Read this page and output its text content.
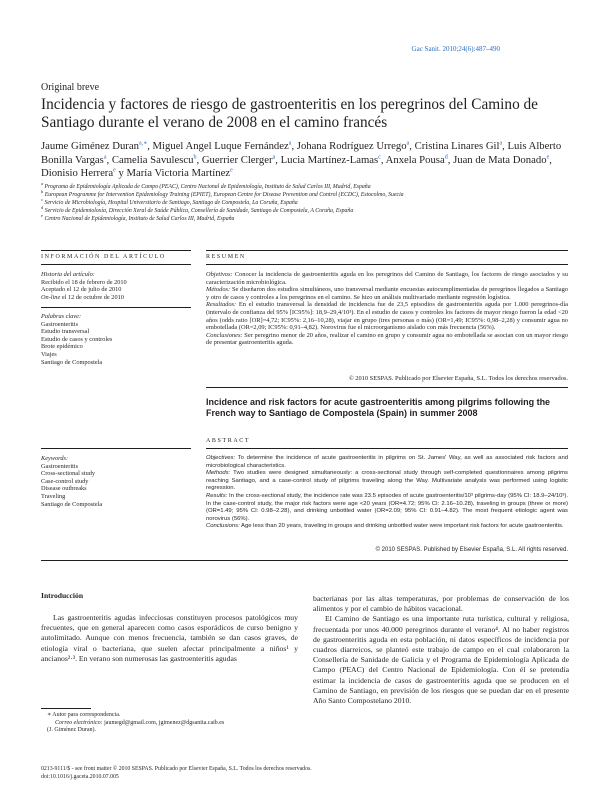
Gac Sanit. 2010;24(6):487–490
Original breve
Incidencia y factores de riesgo de gastroenteritis en los peregrinos del Camino de Santiago durante el verano de 2008 en el camino francés
Jaume Giménez Duran$^{a,∗}$, Miguel Angel Luque Fernández$^a$, Johana Rodríguez Urrego$^a$, Cristina Linares Gil$^a$, Luis Alberto Bonilla Vargas$^a$, Camelia Savulescu$^b$, Guerrier Clerger$^a$, Lucia Martínez-Lamas$^c$, Anxela Pousa$^d$, Juan de Mata Donado$^e$, Dionisio Herrera$^e$ y María Victoria Martínez$^e$
$^a$ Programa de Epidemiología Aplicada de Campo (PEAC), Centro Nacional de Epidemiología, Instituto de Salud Carlos III, Madrid, España
$^b$ European Programme for Intervention Epidemiology Training (EPIET), European Centre for Disease Prevention and Control (ECDC), Estocolmo, Suecia
$^c$ Servicio de Microbiología, Hospital Universitario de Santiago, Santiago de Compostela, La Coruña, España
$^d$ Servicio de Epidemioloxía, Dirección Xeral de Saúde Pública, Consellería de Sanidade, Santiago de Compostela, A Coruña, España
$^e$ Centro Nacional de Epidemiología, Instituto de Salud Carlos III, Madrid, España
INFORMACIÓN DEL ARTÍCULO	RESUMEN
Historia del artículo:
Recibido el 18 de febrero de 2010
Aceptado el 12 de julio de 2010
On-line el 12 de octubre de 2010
Palabras clave:
Gastroenteritis
Estudio transversal
Estudio de casos y controles
Brote epidémico
Viajes
Santiago de Compostela

Objetivos: Conocer la incidencia de gastroenteritis aguda en los peregrinos del Camino de Santiago, los factores de riesgo asociados y su caracterización microbiológica.

Métodos: Se diseñaron dos estudios simultáneos, uno transversal mediante encuestas autocumplimentadas de peregrinos llegados a Santiago y otro de casos y controles a los peregrinos en el camino. Se hizo un análisis multivariado mediante regresión logística.

Resultados: En el estudio transversal la densidad de incidencia fue de 23,5 episodios de gastroenteritis aguda por 1.000 peregrinos-día (intervalo de confianza del 95% [IC95%]: 18,9–29,4/10³). En el estudio de casos y controles los factores de mayor riesgo fueron la edad <20 años (odds ratio [OR]=4,72; IC95%: 2,16–10,28), viajar en grupo (tres personas o más) (OR=1,49; IC95%: 0,98–2,28) y consumir agua no embotellada (OR=2,09; IC95%: 0,91–4,82). Norovirus fue el microorganismo aislado con más frecuencia (56%).

Conclusiones: Ser peregrino menor de 20 años, realizar el camino en grupo y consumir agua no embotellada se asocian con un mayor riesgo de presentar gastroenteritis aguda.

© 2010 SESPAS. Publicado por Elsevier España, S.L. Todos los derechos reservados.
Incidence and risk factors for acute gastroenteritis among pilgrims following the French way to Santiago de Compostela (Spain) in summer 2008
ABSTRACT
Keywords:
Gastroenteritis
Cross-sectional study
Case-control study
Disease outbreaks
Traveling
Santiago de Compostela

Objectives: To determine the incidence of acute gastroenteritis in pilgrims on St. James' Way, as well as associated risk factors and microbiological characteristics.

Methods: Two studies were designed simultaneously: a cross-sectional study through self-completed questionnaires among pilgrims reaching Santiago, and a case-control study of pilgrims traveling along the Way. Multivariate analysis was performed using logistic regression.

Results: In the cross-sectional study, the incidence rate was 23.5 episodes of acute gastroenteritis/10³ pilgrims-day (95% CI: 18.9–24/10³). In the case-control study, the major risk factors were age <20 years (OR=4.72; 95% CI: 2.16–10.28), traveling in groups (three or more) (OR=1.49; 95% CI: 0.98–2.28), and drinking unbottled water (OR=2.09; 95% CI: 0.91–4.82). The most frequent etiologic agent was norovirus (56%).

Conclusions: Age less than 20 years, traveling in groups and drinking unbottled water were important risk factors for acute gastroenteritis.

© 2010 SESPAS. Published by Elsevier España, S.L. All rights reserved.
Introducción

Las gastroenteritis agudas infecciosas constituyen procesos patológicos muy frecuentes, que en general aparecen como casos esporádicos de curso benigno y autolimitado. Aunque con menos frecuencia, también se dan casos graves, de etiología viral o bacteriana, que suelen afectar principalmente a niños¹ y ancianos²·³. En verano son numerosas las gastroenteritis agudas

bacterianas por las altas temperaturas, por problemas de conservación de los alimentos y por el cambio de hábitos vacacional.

El Camino de Santiago es una importante ruta turística, cultural y religiosa, frecuentada por unos 40.000 peregrinos durante el verano⁴. Al no haber registros de gastroenteritis aguda en esta población, ni datos específicos de incidencia por cuadros diarreicos, se planteó este trabajo de campo en el cual colaboraron la Consellería de Sanidade de Galicia y el Programa de Epidemiología Aplicada de Campo (PEAC) del Centro Nacional de Epidemiología. Con él se pretendía estimar la incidencia de casos de gastroenteritis aguda que se producen en el Camino de Santiago, en previsión de los riesgos que se puedan dar en el presente Año Santo Compostelano 2010.

∗ Autor para correspondencia.
Correo electrónico: jaumegd@gmail.com, jgimenez@dgsanita.caib.es
(J. Giménez Duran).
0213-9111/$ - see front matter © 2010 SESPAS. Publicado por Elsevier España, S.L. Todos los derechos reservados.
doi:10.1016/j.gaceta.2010.07.005
